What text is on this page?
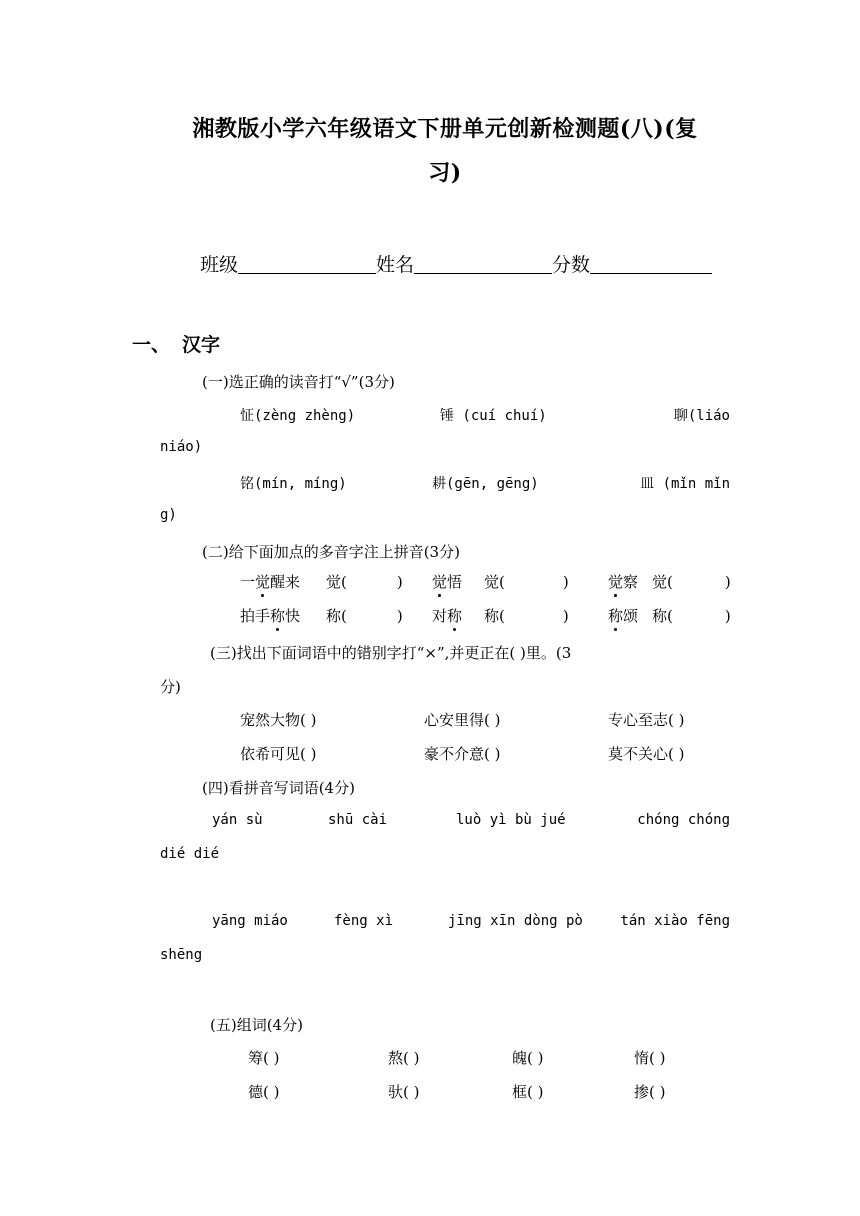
湘教版小学六年级语文下册单元创新检测题(八)(复
习)
班级	姓名	分数
一、 汉字
(一)选正确的读音打“√”(3分)
怔(zèng zhèng)	锤 (cuí chuí)	聊(liáo
niáo)
铭(mín, míng)	耕(gēn, gēng)	皿 (mǐn mǐn
g)
(二)给下面加点的多音字注上拼音(3分)
一觉醒来 觉(	) 觉悟 觉(	)	觉察 觉(	)
拍手称快 称(	) 对称 称(	)	称颂 称(	)
(三)找出下面词语中的错别字打“×”,并更正在( )里。(3
分)
宠然大物( )	心安里得( )	专心至志( )
依希可见( )	豪不介意( )	莫不关心( )
(四)看拼音写词语(4分)
yán sù	shū cài	luò yì bù jué	chóng chóng
dié dié
yāng miáo	fèng xì	jīng xīn dòng pò	tán xiào fēng
shēng
(五)组词(4分)
筹( )	熬( )	魄( )	惰( )
德( )	驮( )	框( )	掺( )
